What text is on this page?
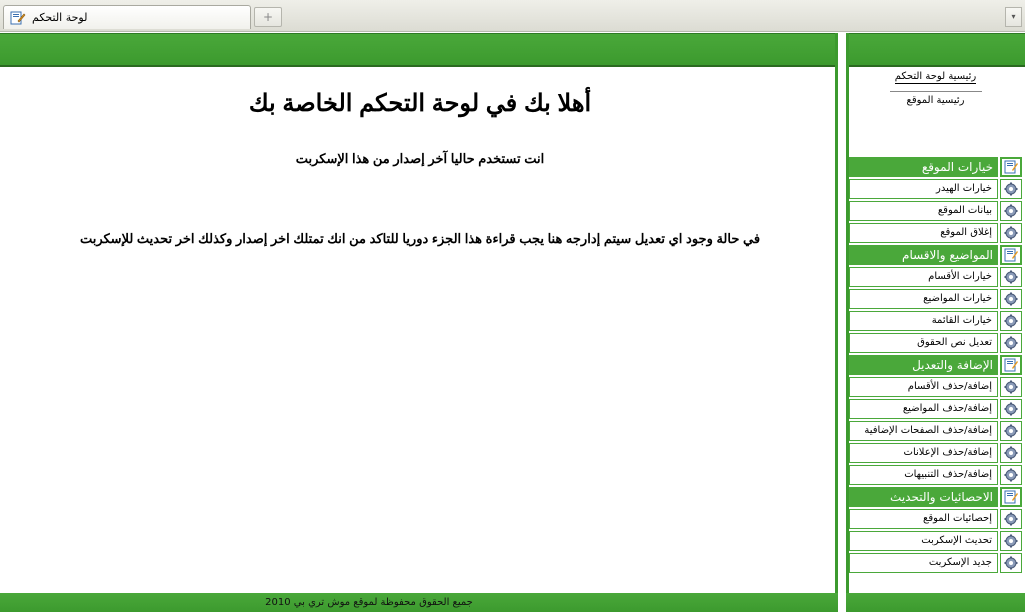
لوحة التحكم	+	▾
أهلا بك في لوحة التحكم الخاصة بك
انت تستخدم حاليا آخر إصدار من هذا الإسكربت
في حالة وجود اي تعديل سيتم إدارجه هنا يجب قراءة هذا الجزء دوريا للتاكد من انك تمتلك اخر إصدار وكذلك اخر تحديث للإسكربت
رئيسية لوحة التحكم
رئيسية الموقع
خيارات الموقع
خيارات الهيدر
بيانات الموقع
إغلاق الموقع
المواضيع والاقسام
خيارات الأقسام
خيارات المواضيع
خيارات القائمة
تعديل نص الحقوق
الإضافة والتعديل
إضافة/حذف الأقسام
إضافة/حذف المواضيع
إضافة/حذف الصفحات الإضافية
إضافة/حذف الإعلانات
إضافة/حذف التنبيهات
الاحصائيات والتحديث
إحصائيات الموقع
تحديث الإسكربت
جديد الإسكربت
جميع الحقوق محفوظة لموقع موش تري بي 2010
